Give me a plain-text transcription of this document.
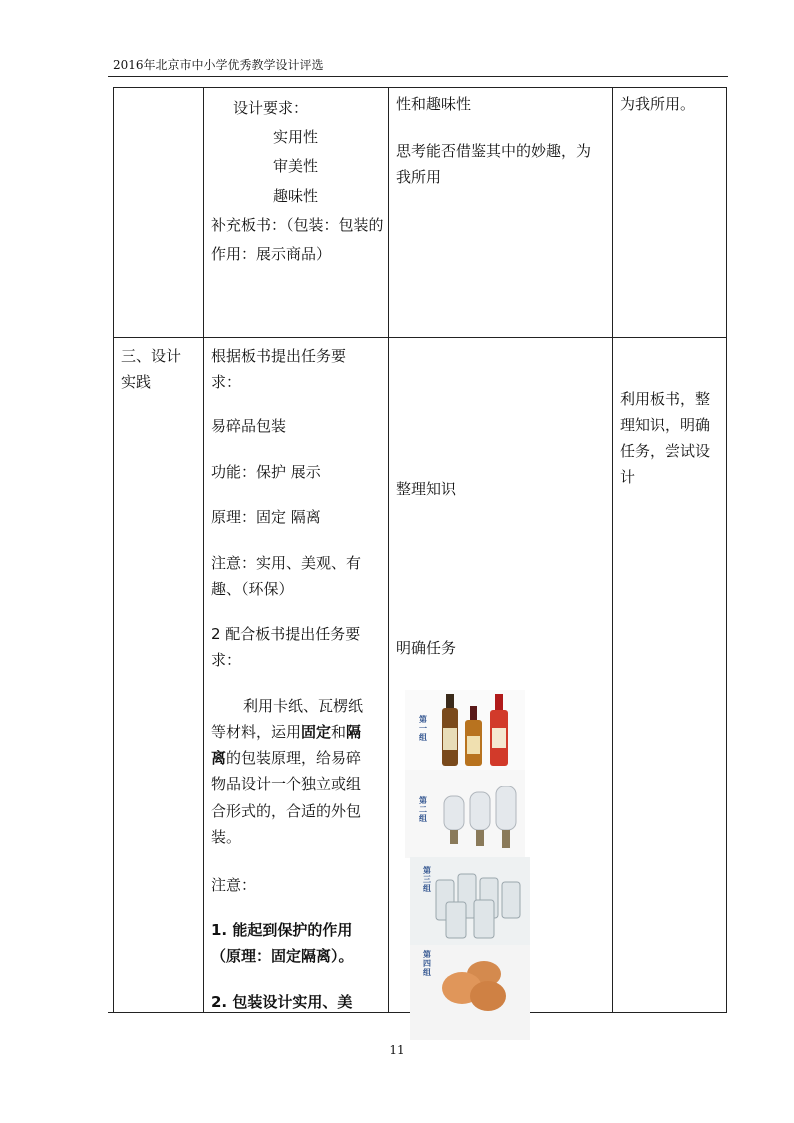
2016年北京市中小学优秀教学设计评选
设计要求：
实用性
审美性
趣味性
补充板书：（包装：包装的
作用：展示商品）
性和趣味性
思考能否借鉴其中的妙趣，为
我所用
为我所用。
三、设计
实践
根据板书提出任务要
求：
易碎品包装
功能：保护 展示
原理：固定 隔离
注意：实用、美观、有
趣、（环保）
2 配合板书提出任务要
求：
利用卡纸、瓦楞纸
等材料，运用固定和隔
离的包装原理，给易碎
物品设计一个独立或组
合形式的，合适的外包
装。
注意：
1. 能起到保护的作用
（原理：固定隔离）。
2. 包装设计实用、美
整理知识
明确任务
利用板书，整
理知识，明确
任务，尝试设
计
第一组
第二组
第三组
第四组
11
